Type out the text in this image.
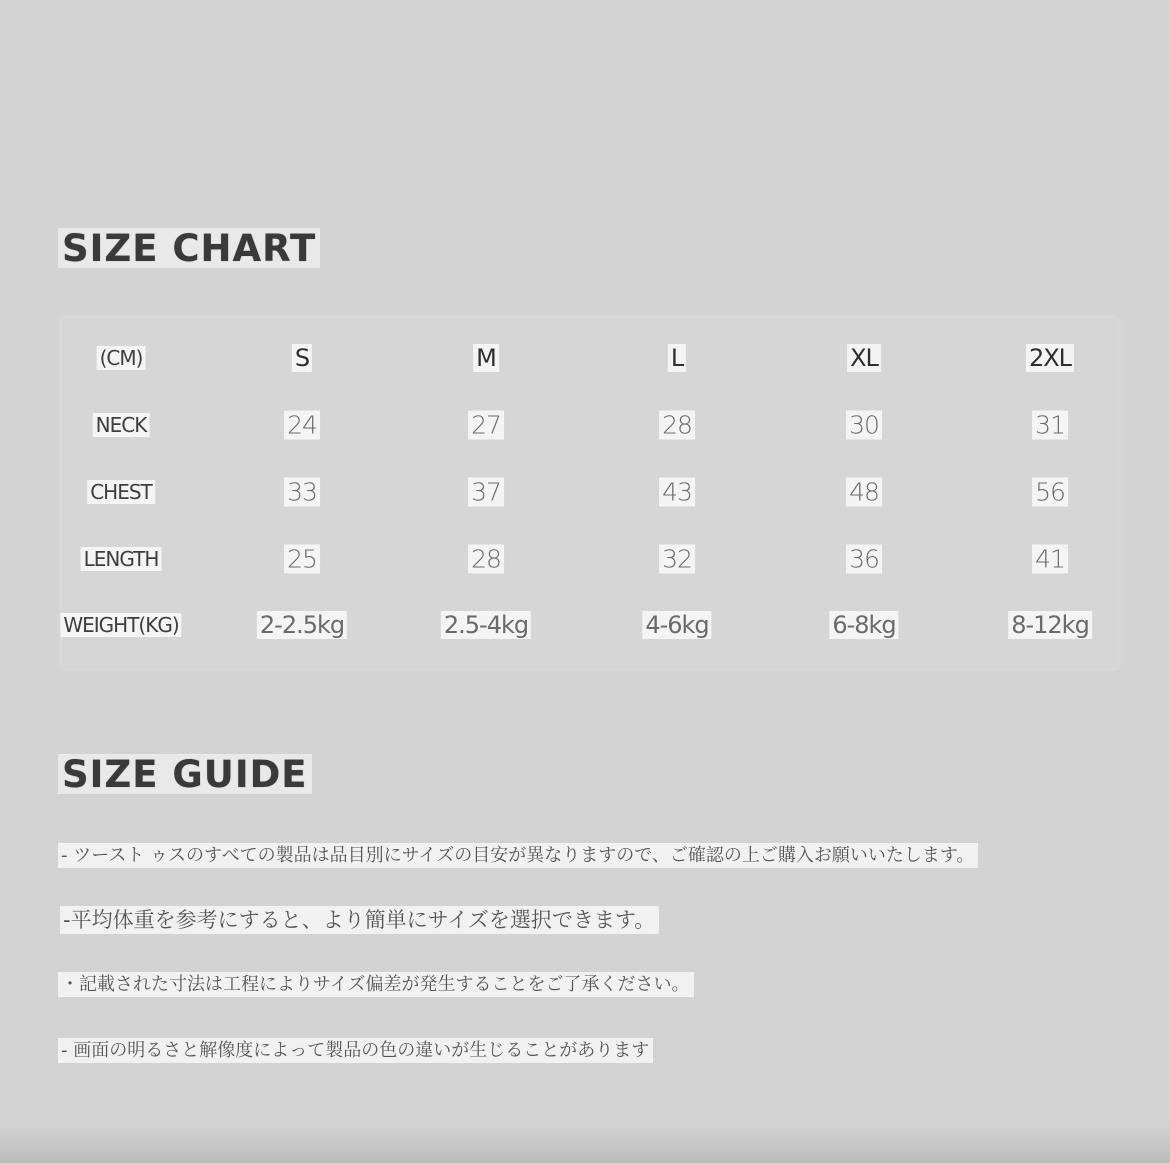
SIZE CHART
(CM)	S	M	L	XL	2XL
NECK	24	27	28	30	31
CHEST	33	37	43	48	56
LENGTH	25	28	32	36	41
WEIGHT(KG)	2-2.5kg	2.5-4kg	4-6kg	6-8kg	8-12kg
SIZE GUIDE
- ツースト ゥスのすべての製品は品目別にサイズの目安が異なりますので、ご確認の上ご購入お願いいたします。
-平均体重を参考にすると、より簡単にサイズを選択できます。
・記載された寸法は工程によりサイズ偏差が発生することをご了承ください。
- 画面の明るさと解像度によって製品の色の違いが生じることがあります
